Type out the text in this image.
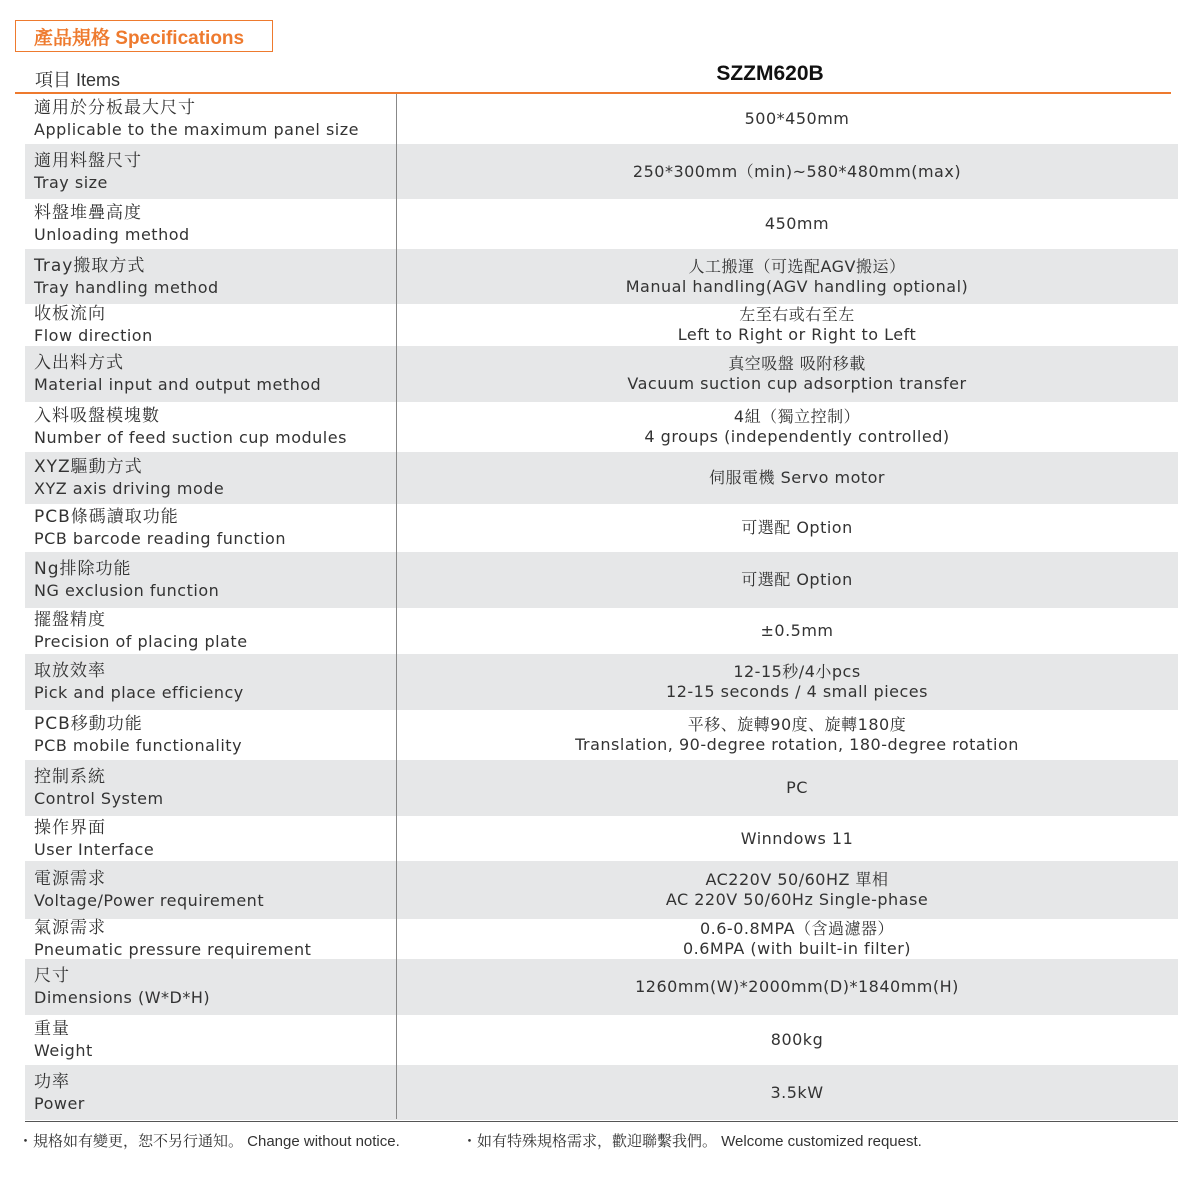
產品規格 Specifications
項目 Items	SZZM620B
適用於分板最大尺寸
Applicable to the maximum panel size
500*450mm
適用料盤尺寸
Tray size
250*300mm（min)~580*480mm(max)
料盤堆疊高度
Unloading method
450mm
Tray搬取方式
Tray handling method
人工搬運（可选配AGV搬运）
Manual handling(AGV handling optional)
收板流向
Flow direction
左至右或右至左
Left to Right or Right to Left
入出料方式
Material input and output method
真空吸盤 吸附移載
Vacuum suction cup adsorption transfer
入料吸盤模塊數
Number of feed suction cup modules
4組（獨立控制）
4 groups (independently controlled)
XYZ驅動方式
XYZ axis driving mode
伺服電機 Servo motor
PCB條碼讀取功能
PCB barcode reading function
可選配 Option
Ng排除功能
NG exclusion function
可選配 Option
擺盤精度
Precision of placing plate
±0.5mm
取放效率
Pick and place efficiency
12-15秒/4小pcs
12-15 seconds / 4 small pieces
PCB移動功能
PCB mobile functionality
平移、旋轉90度、旋轉180度
Translation, 90-degree rotation, 180-degree rotation
控制系統
Control System
PC
操作界面
User Interface
Winndows 11
電源需求
Voltage/Power requirement
AC220V 50/60HZ 單相
AC 220V 50/60Hz Single-phase
氣源需求
Pneumatic pressure requirement
0.6-0.8MPA（含過濾器）
0.6MPA (with built-in filter)
尺寸
Dimensions (W*D*H)
1260mm(W)*2000mm(D)*1840mm(H)
重量
Weight
800kg
功率
Power
3.5kW
・規格如有變更，恕不另行通知。 Change without notice.	・如有特殊規格需求，歡迎聯繫我們。 Welcome customized request.
